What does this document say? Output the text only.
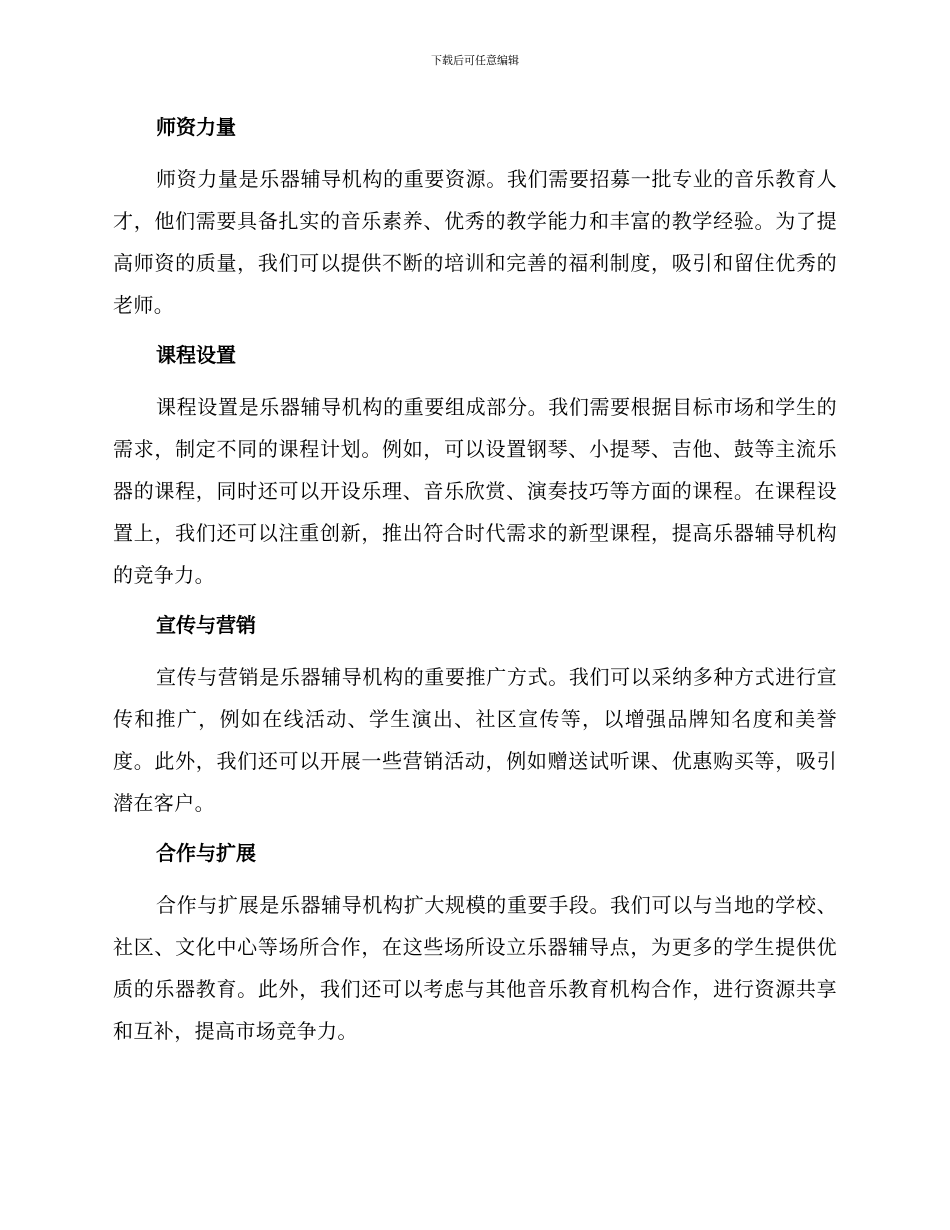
下载后可任意编辑
师资力量

师资力量是乐器辅导机构的重要资源。我们需要招募一批专业的音乐教育人才，他们需要具备扎实的音乐素养、优秀的教学能力和丰富的教学经验。为了提高师资的质量，我们可以提供不断的培训和完善的福利制度，吸引和留住优秀的老师。

课程设置

课程设置是乐器辅导机构的重要组成部分。我们需要根据目标市场和学生的需求，制定不同的课程计划。例如，可以设置钢琴、小提琴、吉他、鼓等主流乐器的课程，同时还可以开设乐理、音乐欣赏、演奏技巧等方面的课程。在课程设置上，我们还可以注重创新，推出符合时代需求的新型课程，提高乐器辅导机构的竞争力。

宣传与营销

宣传与营销是乐器辅导机构的重要推广方式。我们可以采纳多种方式进行宣传和推广，例如在线活动、学生演出、社区宣传等，以增强品牌知名度和美誉度。此外，我们还可以开展一些营销活动，例如赠送试听课、优惠购买等，吸引潜在客户。

合作与扩展

合作与扩展是乐器辅导机构扩大规模的重要手段。我们可以与当地的学校、社区、文化中心等场所合作，在这些场所设立乐器辅导点，为更多的学生提供优质的乐器教育。此外，我们还可以考虑与其他音乐教育机构合作，进行资源共享和互补，提高市场竞争力。
